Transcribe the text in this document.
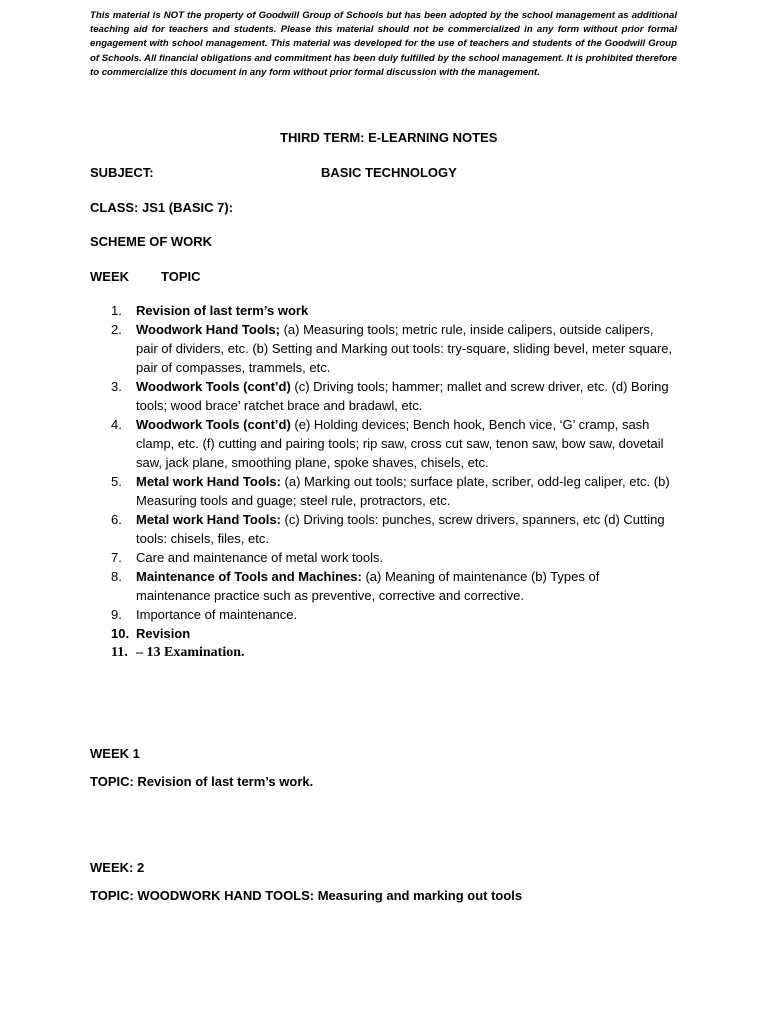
This material is NOT the property of Goodwill Group of Schools but has been adopted by the school management as additional teaching aid for teachers and students. Please this material should not be commercialized in any form without prior formal engagement with school management. This material was developed for the use of teachers and students of the Goodwill Group of Schools. All financial obligations and commitment has been duly fulfilled by the school management. It is prohibited therefore to commercialize this document in any form without prior formal discussion with the management.
THIRD TERM: E-LEARNING NOTES
SUBJECT:	BASIC TECHNOLOGY
CLASS: JS1 (BASIC 7):
SCHEME OF WORK
WEEK TOPIC
1.	Revision of last term’s work
2.	Woodwork Hand Tools; (a) Measuring tools; metric rule, inside calipers, outside calipers, pair of dividers, etc. (b) Setting and Marking out tools: try-square, sliding bevel, meter square, pair of compasses, trammels, etc.
3.	Woodwork Tools (cont’d) (c) Driving tools; hammer; mallet and screw driver, etc. (d) Boring tools; wood brace’ ratchet brace and bradawl, etc.
4.	Woodwork Tools (cont’d) (e) Holding devices; Bench hook, Bench vice, ‘G’ cramp, sash clamp, etc. (f) cutting and pairing tools; rip saw, cross cut saw, tenon saw, bow saw, dovetail saw, jack plane, smoothing plane, spoke shaves, chisels, etc.
5.	Metal work Hand Tools: (a) Marking out tools; surface plate, scriber, odd-leg caliper, etc. (b) Measuring tools and guage; steel rule, protractors, etc.
6.	Metal work Hand Tools: (c) Driving tools: punches, screw drivers, spanners, etc (d) Cutting tools: chisels, files, etc.
7.	Care and maintenance of metal work tools.
8.	Maintenance of Tools and Machines: (a) Meaning of maintenance (b) Types of maintenance practice such as preventive, corrective and corrective.
9.	Importance of maintenance.
10. Revision
11. – 13 Examination.
WEEK 1
TOPIC: Revision of last term’s work.
WEEK: 2
TOPIC: WOODWORK HAND TOOLS: Measuring and marking out tools
